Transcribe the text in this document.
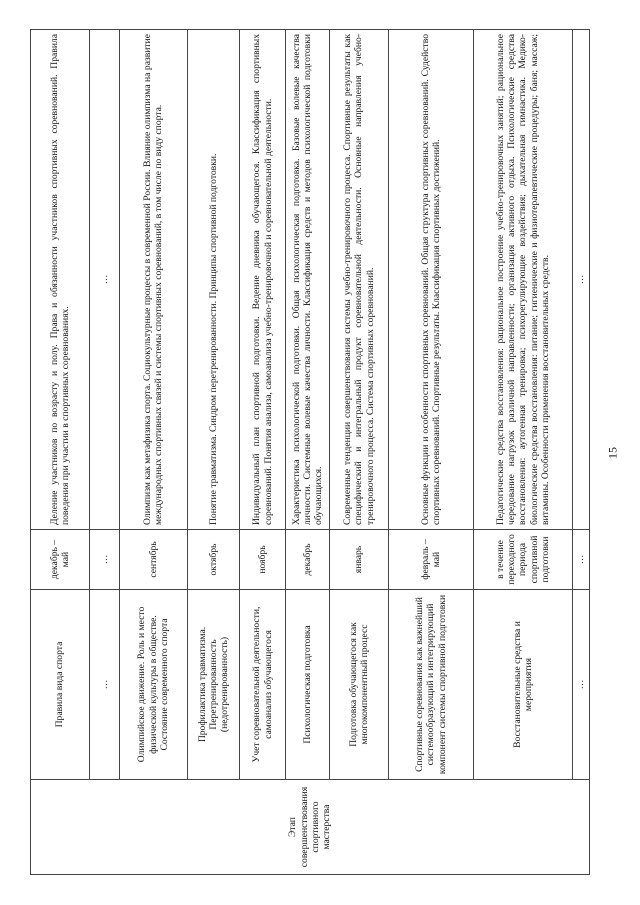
15
Этап совершенствования спортивного мастерства	Правила вида спорта	декабрь – май	Деление участников по возрасту и полу. Права и обязанности участников спортивных соревнований. Правила поведения при участии в спортивных соревнованиях.
	…	…	…
	Олимпийское движение. Роль и место физической культуры в обществе. Состояние современного спорта	сентябрь	Олимпизм как метафизика спорта. Социокультурные процессы в современной России. Влияние олимпизма на развитие международных спортивных связей и системы спортивных соревнований, в том числе по виду спорта.
	Профилактика травматизма. Перетренированность (недотренированность)	октябрь	Понятие травматизма. Синдром перетренированности. Принципы спортивной подготовки.
	Учет соревновательной деятельности, самоанализ обучающегося	ноябрь	Индивидуальный план спортивной подготовки. Ведение дневника обучающегося. Классификация спортивных соревнований. Понятия анализа, самоанализа учебно-тренировочной и соревновательной деятельности.
	Психологическая подготовка	декабрь	Характеристика психологической подготовки. Общая психологическая подготовка. Базовые волевые качества личности. Системные волевые качества личности. Классификация средств и методов психологической подготовки обучающихся.
	Подготовка обучающегося как многокомпонентный процесс	январь	Современные тенденции совершенствования системы учебно-тренировочного процесса. Спортивные результаты как специфический и интегральный продукт соревновательной деятельности. Основные направления учебно-тренировочного процесса. Система спортивных соревнований.
	Спортивные соревнования как важнейший системообразующий и интегрирующий компонент системы спортивной подготовки	февраль – май	Основные функции и особенности спортивных соревнований. Общая структура спортивных соревнований. Судейство спортивных соревнований. Спортивные результаты. Классификация спортивных достижений.
	Восстановительные средства и мероприятия	в течение переходного периода спортивной подготовки	Педагогические средства восстановления: рациональное построение учебно-тренировочных занятий; рациональное чередование нагрузок различной направленности; организация активного отдыха. Психологические средства восстановления: аутогенная тренировка; психорегулирующие воздействия; дыхательная гимнастика. Медико-биологические средства восстановления: питание; гигиенические и физиотерапевтические процедуры; баня; массаж; витамины. Особенности применения восстановительных средств.
	…	…	…
